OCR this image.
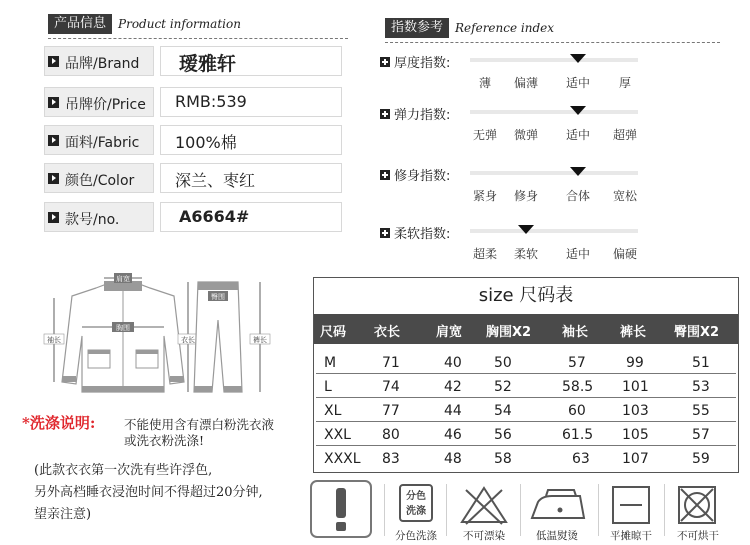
产品信息	Product information
品牌/Brand 瑷雅轩
吊牌价/Price RMB:539
面料/Fabric 100%棉
颜色/Color	深兰、枣红
款号/no.	A6664#
指数参考	Reference index
厚度指数:
薄 偏薄 适中 厚
弹力指数:
无弹 微弹 适中 超弹
修身指数:
紧身 修身 合体 宽松
柔软指数:
超柔 柔软 适中 偏硬
肩宽
胸围
袖长	衣长
臀围
裤长
size 尺码表
尺码 衣长	肩宽 胸围X2 袖长 裤长 臀围X2
M	71	40 50	57	99	51
L	74	42 52	58.5 101	53
XL	77	44 54	60	103	55
XXL 80	46 56	61.5 105	57
XXXL 83	48 58	63 107	59
*洗涤说明: 不能使用含有漂白粉洗衣液
或洗衣粉洗涤!
(此款衣衣第一次洗有些许浮色,
另外高档睡衣浸泡时间不得超过20分钟,
望亲注意)
分色洗涤
分色洗涤 不可漂染	低温熨烫	平摊晾干 不可烘干
